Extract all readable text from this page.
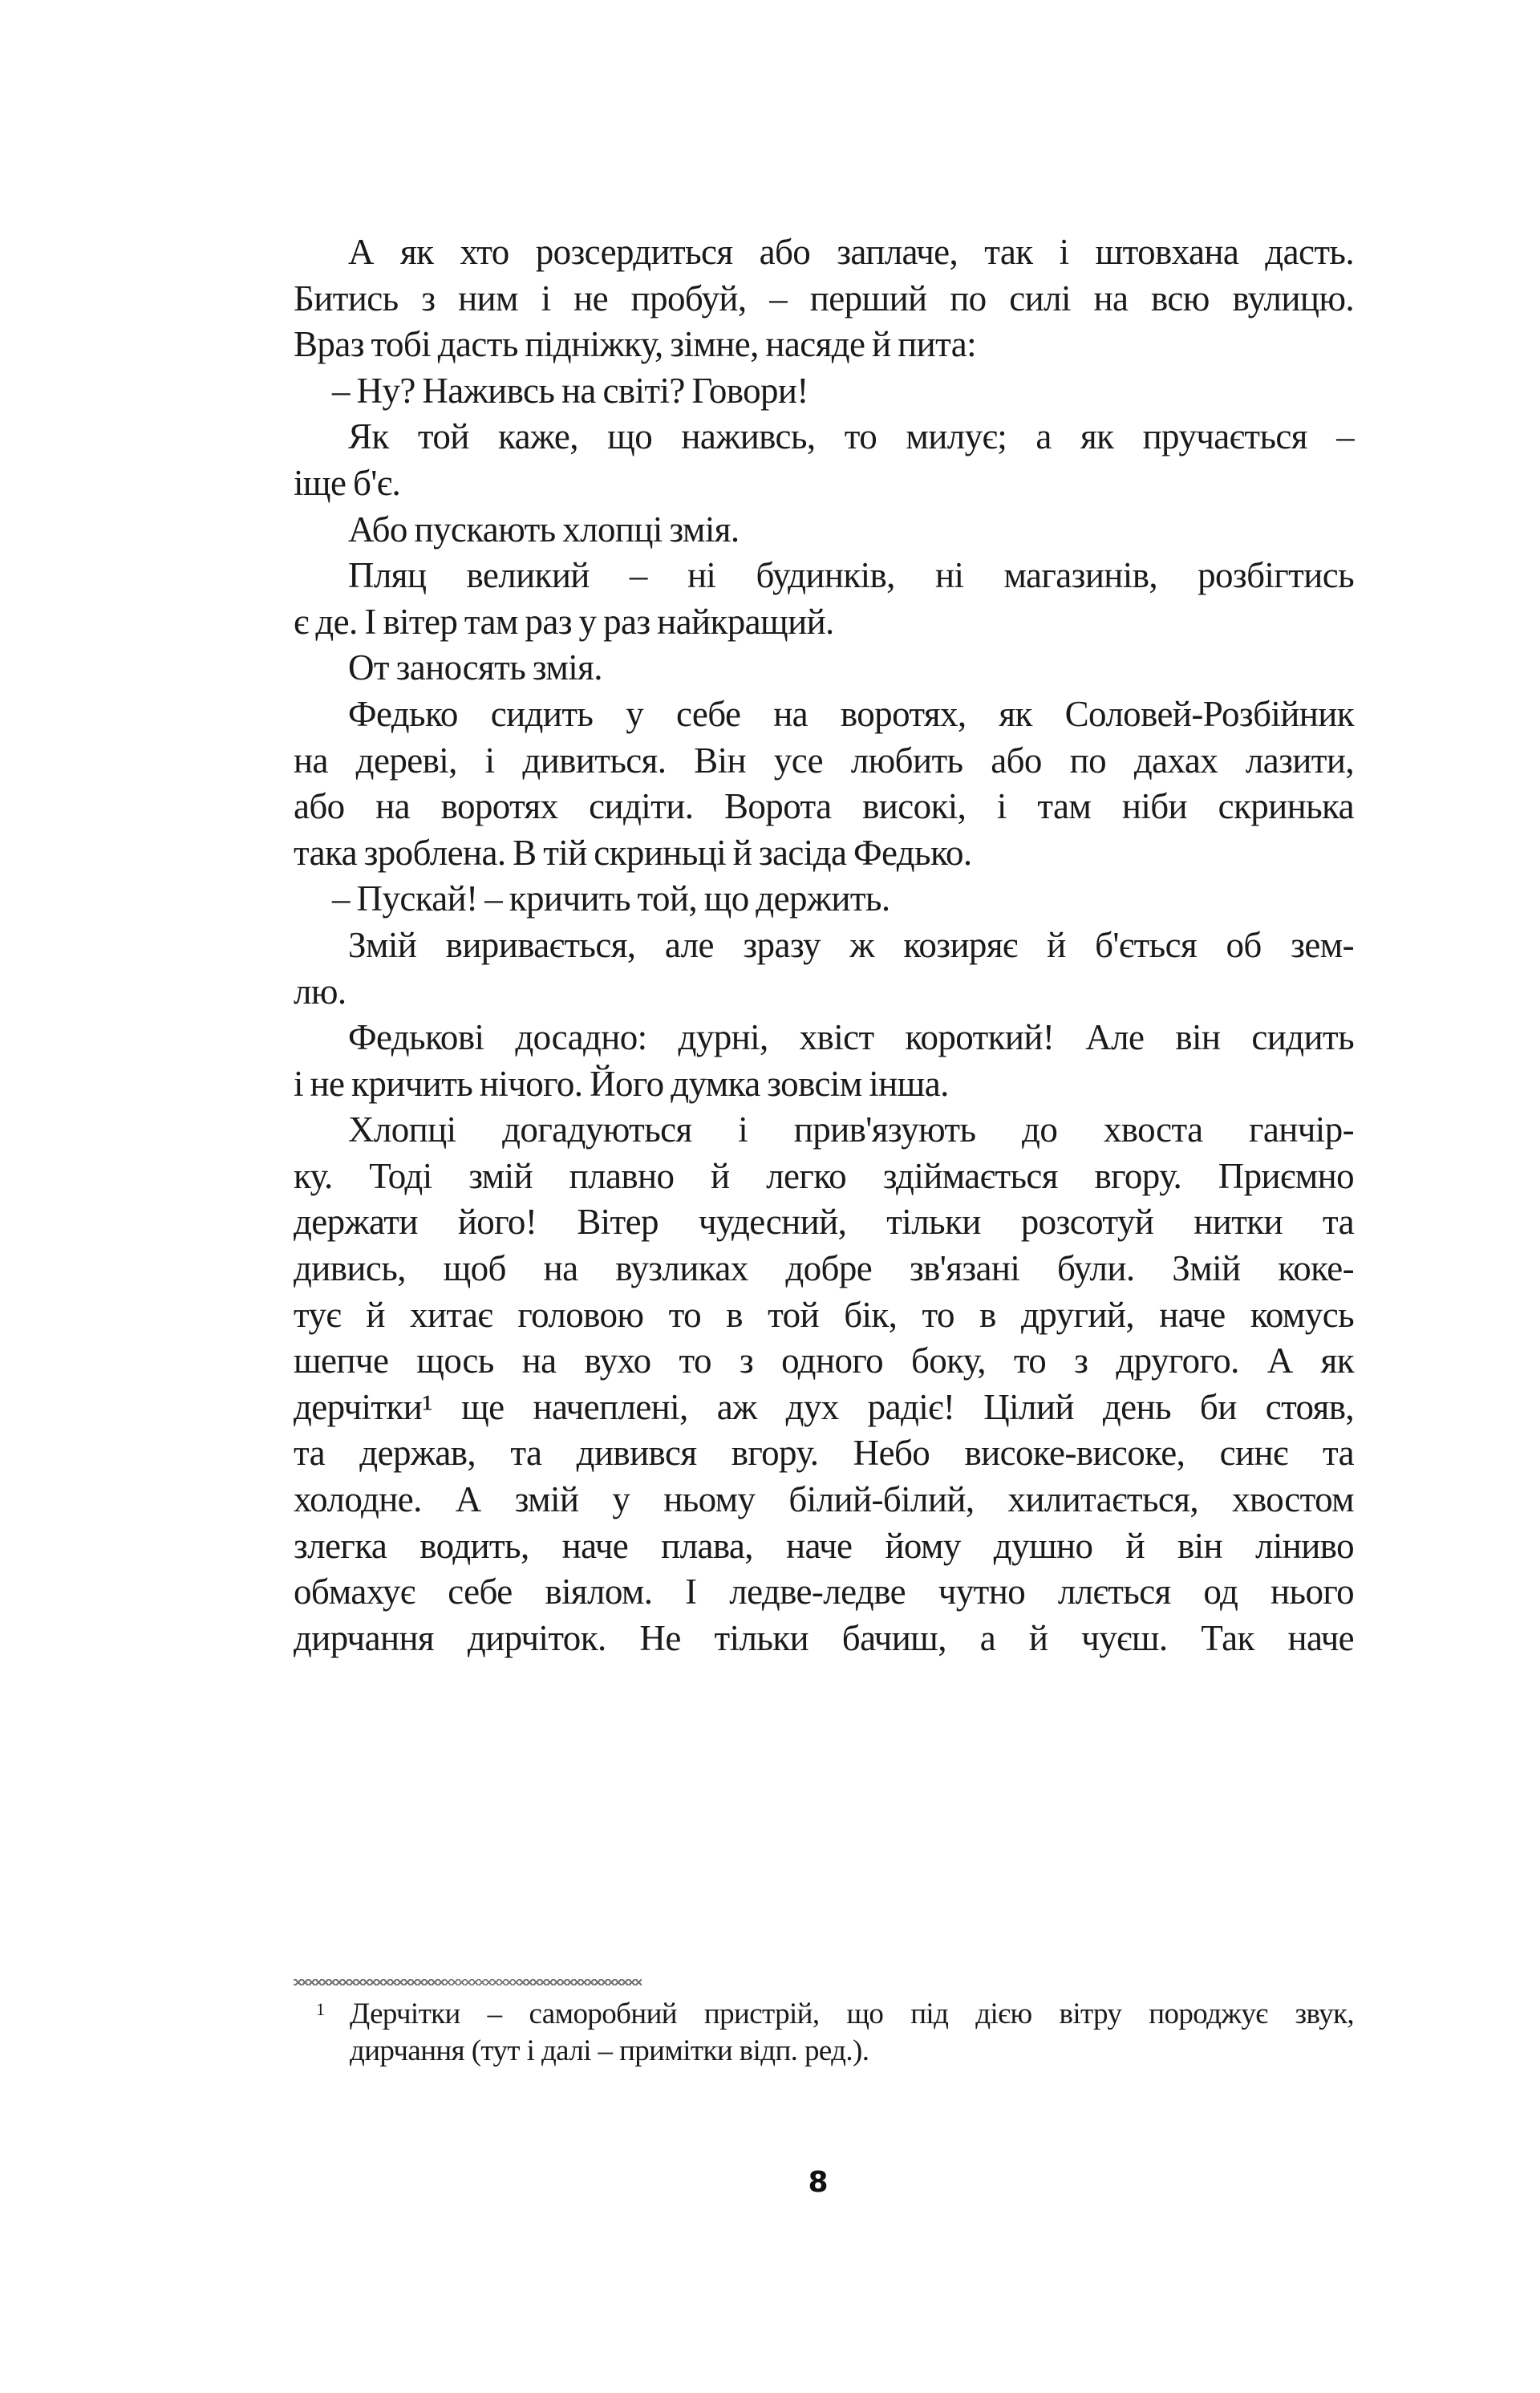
А як хто розсердиться або заплаче, так і штовхана дасть.
Битись з ним і не пробуй, – перший по силі на всю вулицю.
Враз тобі дасть підніжку, зімне, насяде й пита:
– Ну? Наживсь на світі? Говори!
Як той каже, що наживсь, то милує; а як пручається –
іще б'є.
Або пускають хлопці змія.
Пляц великий – ні будинків, ні магазинів, розбігтись
є де. І вітер там раз у раз найкращий.
От заносять змія.
Федько сидить у себе на воротях, як Соловей-Розбійник
на дереві, і дивиться. Він усе любить або по дахах лазити,
або на воротях сидіти. Ворота високі, і там ніби скринька
така зроблена. В тій скриньці й засіда Федько.
– Пускай! – кричить той, що держить.
Змій виривається, але зразу ж козиряє й б'ється об зем-
лю.
Федькові досадно: дурні, хвіст короткий! Але він сидить
і не кричить нічого. Його думка зовсім інша.
Хлопці догадуються і прив'язують до хвоста ганчір-
ку. Тоді змій плавно й легко здіймається вгору. Приємно
держати його! Вітер чудесний, тільки розсотуй нитки та
дивись, щоб на вузликах добре зв'язані були. Змій коке-
тує й хитає головою то в той бік, то в другий, наче комусь
шепче щось на вухо то з одного боку, то з другого. А як
дерчітки¹ ще начеплені, аж дух радіє! Цілий день би стояв,
та держав, та дивився вгору. Небо високе-високе, синє та
холодне. А змій у ньому білий-білий, хилитається, хвостом
злегка водить, наче плава, наче йому душно й він ліниво
обмахує себе віялом. І ледве-ледве чутно ллється од нього
дирчання дирчіток. Не тільки бачиш, а й чуєш. Так наче
1 Дерчітки – саморобний пристрій, що під дією вітру породжує звук,
дирчання (тут і далі – примітки відп. ред.).
8
